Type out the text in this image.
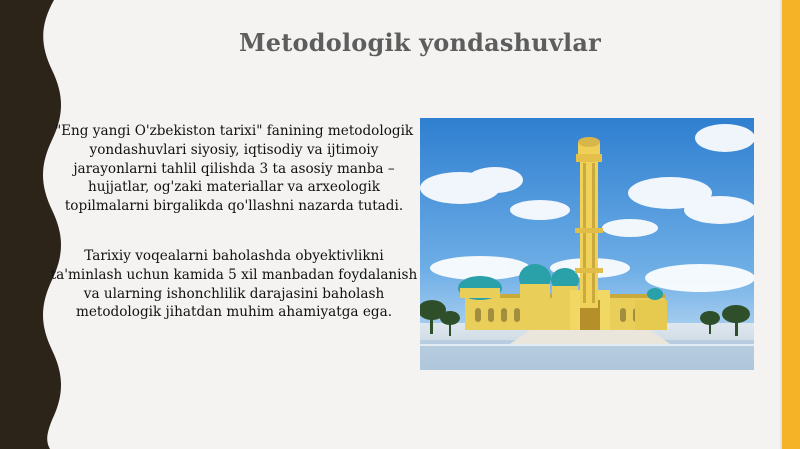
Metodologik yondashuvlar

"Eng yangi O'zbekiston tarixi" fanining metodologik yondashuvlari siyosiy, iqtisodiy va ijtimoiy jarayonlarni tahlil qilishda 3 ta asosiy manba – hujjatlar, og'zaki materiallar va arxeologik topilmalarni birgalikda qo'llashni nazarda tutadi.

Tarixiy voqealarni baholashda obyektivlikni ta'minlash uchun kamida 5 xil manbadan foydalanish va ularning ishonchlilik darajasini baholash metodologik jihatdan muhim ahamiyatga ega.
